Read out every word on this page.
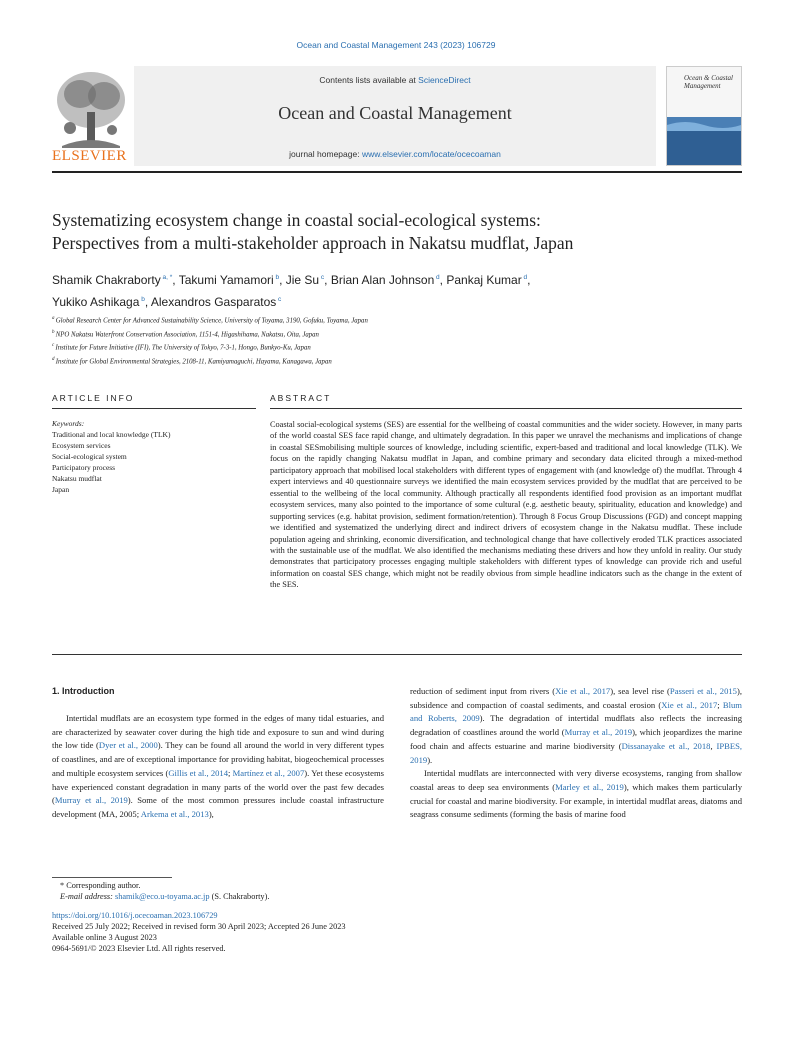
Ocean and Coastal Management 243 (2023) 106729
ELSEVIER
Contents lists available at ScienceDirect
Ocean and Coastal Management
journal homepage: www.elsevier.com/locate/ocecoaman
Ocean & Coastal Management
Systematizing ecosystem change in coastal social-ecological systems:
Perspectives from a multi-stakeholder approach in Nakatsu mudflat, Japan
Shamik Chakraborty $^{a, *}$, Takumi Yamamori $^b$, Jie Su $^c$, Brian Alan Johnson $^d$, Pankaj Kumar $^d$,
Yukiko Ashikaga $^b$, Alexandros Gasparatos $^c$
$^a$ Global Research Center for Advanced Sustainability Science, University of Toyama, 3190, Gofuku, Toyama, Japan
$^b$ NPO Nakatsu Waterfront Conservation Association, 1151-4, Higashihama, Nakatsu, Oita, Japan
$^c$ Institute for Future Initiative (IFI), The University of Tokyo, 7-3-1, Hongo, Bunkyo-Ku, Japan
$^d$ Institute for Global Environmental Strategies, 2108-11, Kamiyamaguchi, Hayama, Kanagawa, Japan
ARTICLE INFO	ABSTRACT
Keywords:
Traditional and local knowledge (TLK)
Ecosystem services
Social-ecological system
Participatory process
Nakatsu mudflat
Japan
Coastal social-ecological systems (SES) are essential for the wellbeing of coastal communities and the wider society. However, in many parts of the world coastal SES face rapid change, and ultimately degradation. In this paper we unravel the mechanisms and implications of change in coastal SESmobilising multiple sources of knowledge, including scientific, expert-based and traditional and local knowledge (TLK). We focus on the rapidly changing Nakatsu mudflat in Japan, and combine primary and secondary data elicited through a mixed-method participatory approach that mobilised local stakeholders with different types of engagement with (and knowledge of) the mudflat. Through 4 expert interviews and 40 questionnaire surveys we identified the main ecosystem services provided by the mudflat that are perceived to be essential to the wellbeing of the local community. Although practically all respondents identified food provision as an important mudflat ecosystem services, many also pointed to the importance of some cultural (e.g. aesthetic beauty, spirituality, education and knowledge) and supporting services (e.g. habitat provision, sediment formation/retention). Through 8 Focus Group Discussions (FGD) and concept mapping we identified and systematized the underlying direct and indirect drivers of ecosystem change in the Nakatsu mudflat. These include population ageing and shrinking, economic diversification, and technological change that have collectively eroded TLK practices associated with the sustainable use of the mudflat. We also identified the mechanisms mediating these drivers and how they unfold in reality. Our study demonstrates that participatory processes engaging multiple stakeholders with different types of knowledge can provide rich and useful information on coastal SES change, which might not be readily obvious from simple headline indicators such as the change in the extent of the SES.
1. Introduction
Intertidal mudflats are an ecosystem type formed in the edges of many tidal estuaries, and are characterized by seawater cover during the high tide and exposure to sun and wind during the low tide (Dyer et al., 2000). They can be found all around the world in very different types of coastlines, and are of exceptional importance for providing habitat, biogeochemical processes and multiple ecosystem services (Gillis et al., 2014; Martínez et al., 2007). Yet these ecosystems have experienced constant degradation in many parts of the world over the past few decades (Murray et al., 2019). Some of the most common pressures include coastal infrastructure development (MA, 2005; Arkema et al., 2013),
reduction of sediment input from rivers (Xie et al., 2017), sea level rise (Passeri et al., 2015), subsidence and compaction of coastal sediments, and coastal erosion (Xie et al., 2017; Blum and Roberts, 2009). The degradation of intertidal mudflats also reflects the increasing degradation of coastlines around the world (Murray et al., 2019), which jeopardizes the marine food chain and affects estuarine and marine biodiversity (Dissanayake et al., 2018, IPBES, 2019).
Intertidal mudflats are interconnected with very diverse ecosystems, ranging from shallow coastal areas to deep sea environments (Marley et al., 2019), which makes them particularly crucial for coastal and marine biodiversity. For example, in intertidal mudflat areas, diatoms and seagrass consume sediments (forming the basis of marine food
* Corresponding author.
E-mail address: shamik@eco.u-toyama.ac.jp (S. Chakraborty).
https://doi.org/10.1016/j.ocecoaman.2023.106729
Received 25 July 2022; Received in revised form 30 April 2023; Accepted 26 June 2023
Available online 3 August 2023
0964-5691/© 2023 Elsevier Ltd. All rights reserved.
